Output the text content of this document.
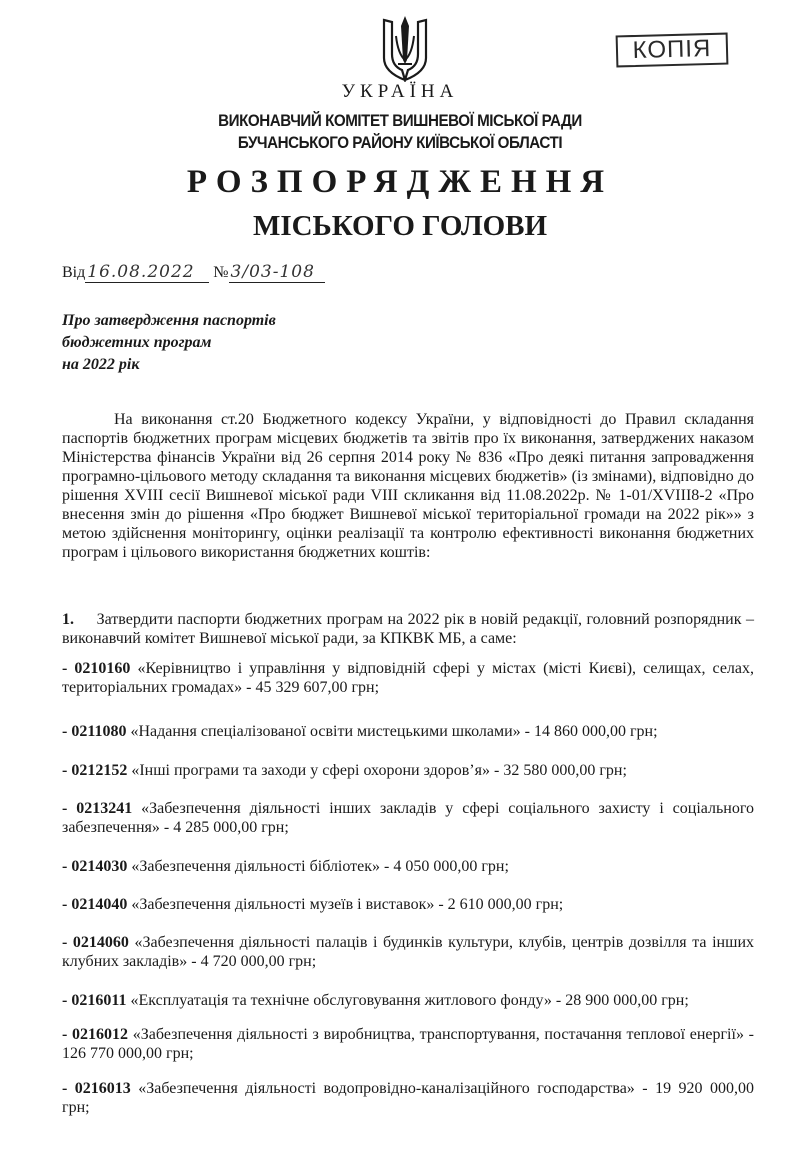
КОПІЯ
УКРАЇНА
ВИКОНАВЧИЙ КОМІТЕТ ВИШНЕВОЇ МІСЬКОЇ РАДИ
БУЧАНСЬКОГО РАЙОНУ КИЇВСЬКОЇ ОБЛАСТІ
РОЗПОРЯДЖЕННЯ
МІСЬКОГО ГОЛОВИ
Від 16.08.2022 № 3/03-108
Про затвердження паспортів
бюджетних програм
на 2022 рік
На виконання ст.20 Бюджетного кодексу України, у відповідності до Правил складання паспортів бюджетних програм місцевих бюджетів та звітів про їх виконання, затверджених наказом Міністерства фінансів України від 26 серпня 2014 року № 836 «Про деякі питання запровадження програмно-цільового методу складання та виконання місцевих бюджетів» (із змінами), відповідно до рішення XVIII сесії Вишневої міської ради VIII скликання від 11.08.2022р. № 1-01/XVIII8-2 «Про внесення змін до рішення «Про бюджет Вишневої міської територіальної громади на 2022 рік»» з метою здійснення моніторингу, оцінки реалізації та контролю ефективності виконання бюджетних програм і цільового використання бюджетних коштів:
1. Затвердити паспорти бюджетних програм на 2022 рік в новій редакції, головний розпорядник – виконавчий комітет Вишневої міської ради, за КПКВК МБ, а саме:
- 0210160 «Керівництво і управління у відповідній сфері у містах (місті Києві), селищах, селах, територіальних громадах» - 45 329 607,00 грн;
- 0211080 «Надання спеціалізованої освіти мистецькими школами» - 14 860 000,00 грн;
- 0212152 «Інші програми та заходи у сфері охорони здоров’я» - 32 580 000,00 грн;
- 0213241 «Забезпечення діяльності інших закладів у сфері соціального захисту і соціального забезпечення» - 4 285 000,00 грн;
- 0214030 «Забезпечення діяльності бібліотек» - 4 050 000,00 грн;
- 0214040 «Забезпечення діяльності музеїв і виставок» - 2 610 000,00 грн;
- 0214060 «Забезпечення діяльності палаців і будинків культури, клубів, центрів дозвілля та інших клубних закладів» - 4 720 000,00 грн;
- 0216011 «Експлуатація та технічне обслуговування житлового фонду» - 28 900 000,00 грн;
- 0216012 «Забезпечення діяльності з виробництва, транспортування, постачання теплової енергії» - 126 770 000,00 грн;
- 0216013 «Забезпечення діяльності водопровідно-каналізаційного господарства» - 19 920 000,00 грн;
